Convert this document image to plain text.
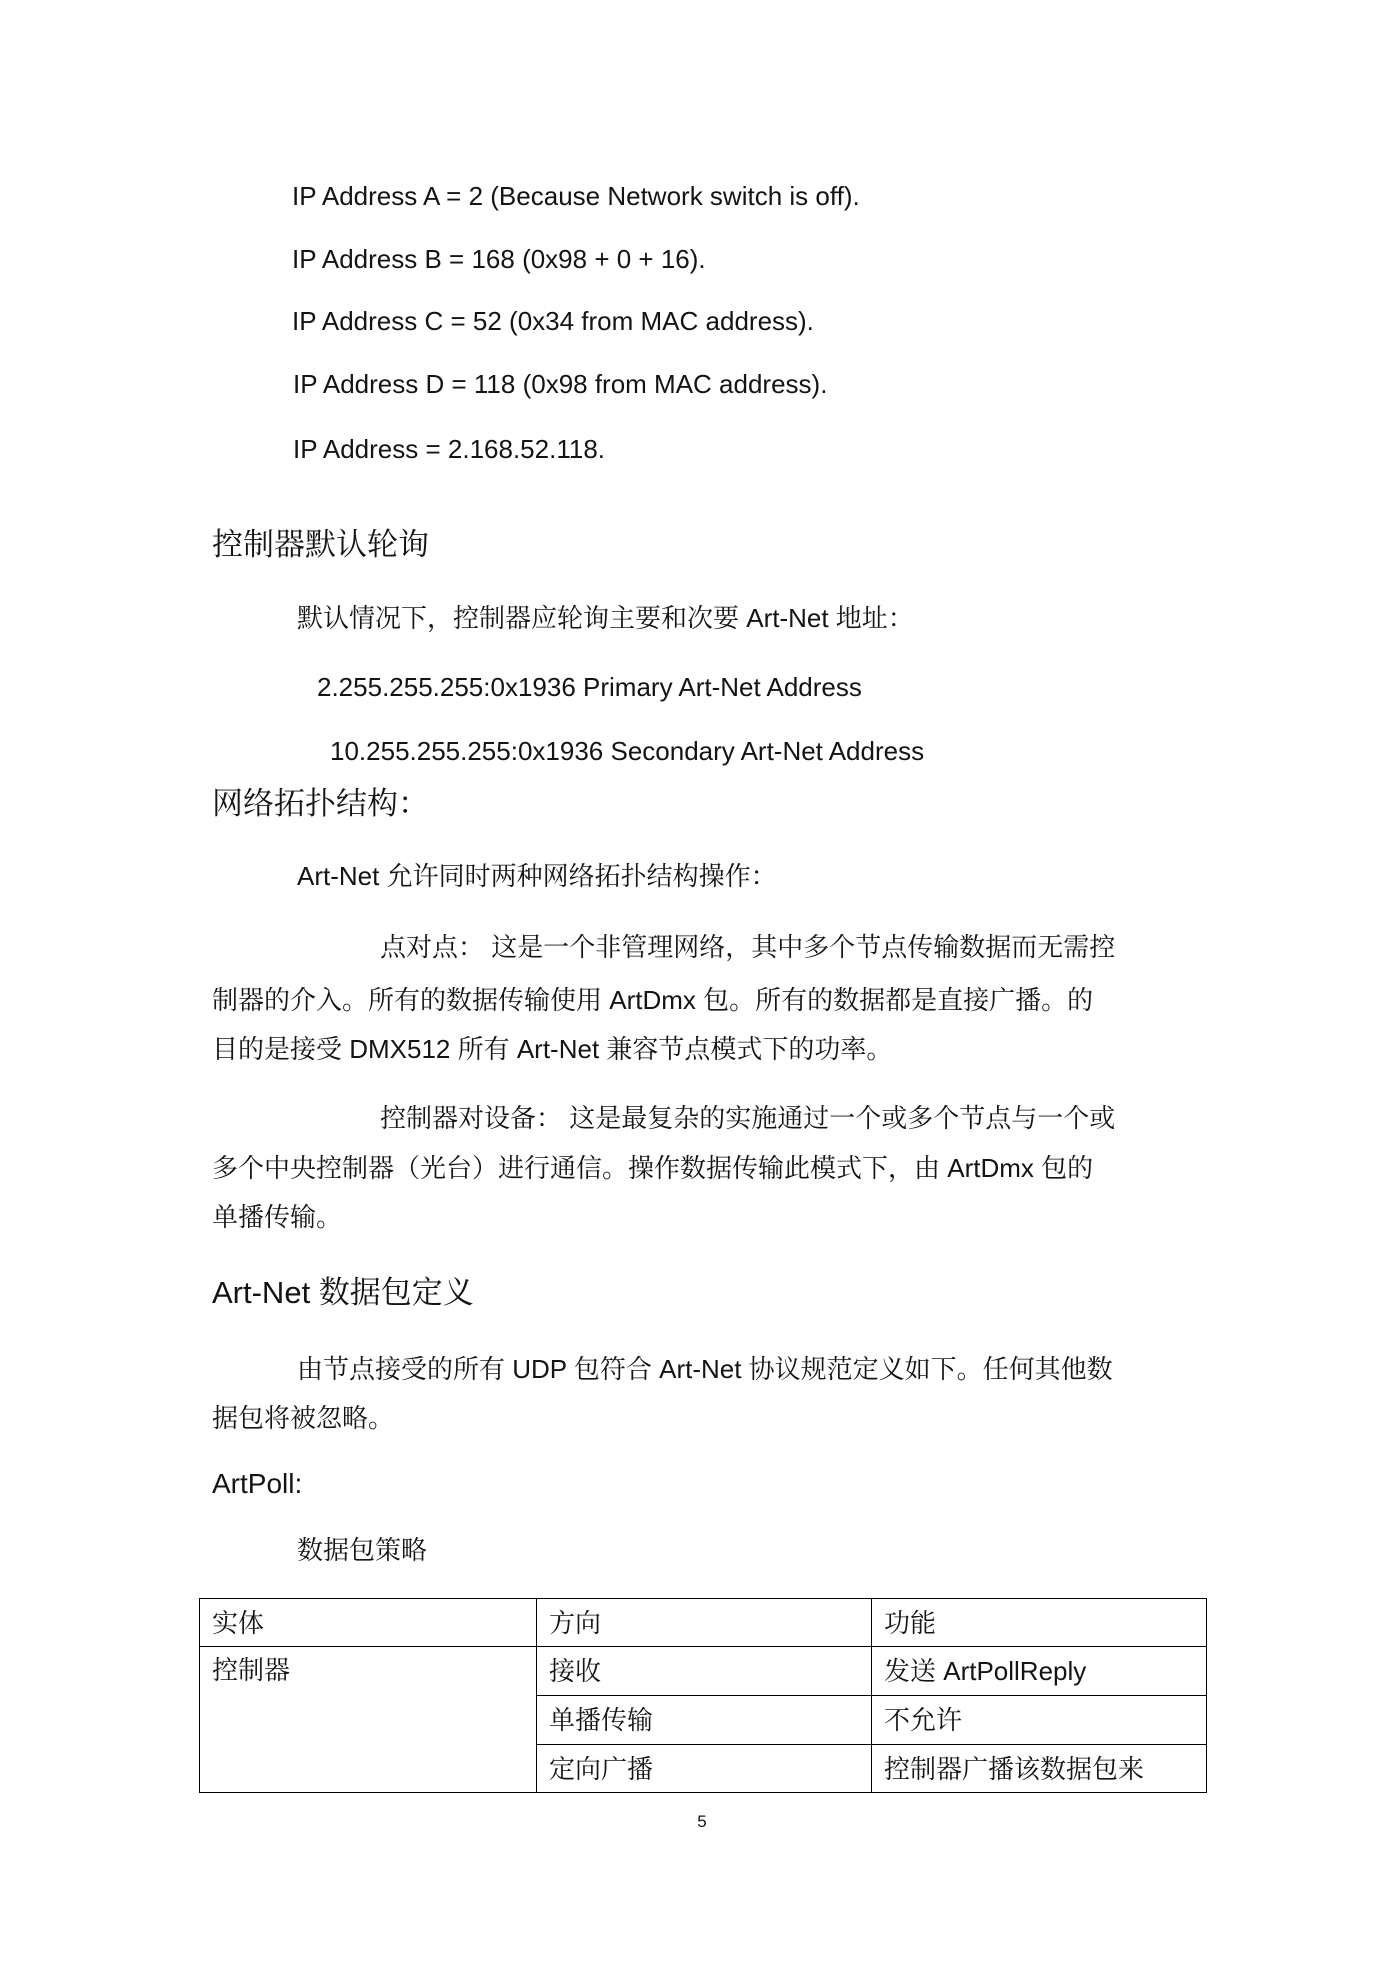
IP Address A = 2 (Because Network switch is off).
IP Address B = 168 (0x98 + 0 + 16).
IP Address C = 52 (0x34 from MAC address).
IP Address D = 118 (0x98 from MAC address).
IP Address = 2.168.52.118.
控制器默认轮询
默认情况下，控制器应轮询主要和次要 Art-Net 地址：
2.255.255.255:0x1936 Primary Art-Net Address
10.255.255.255:0x1936 Secondary Art-Net Address
网络拓扑结构：
Art-Net 允许同时两种网络拓扑结构操作：
点对点： 这是一个非管理网络，其中多个节点传输数据而无需控
制器的介入。所有的数据传输使用 ArtDmx 包。所有的数据都是直接广播。的
目的是接受 DMX512 所有 Art-Net 兼容节点模式下的功率。
控制器对设备： 这是最复杂的实施通过一个或多个节点与一个或
多个中央控制器（光台）进行通信。操作数据传输此模式下，由 ArtDmx 包的
单播传输。
Art-Net 数据包定义
由节点接受的所有 UDP 包符合 Art-Net 协议规范定义如下。任何其他数
据包将被忽略。
ArtPoll:
数据包策略
实体	方向	功能
控制器	接收	发送 ArtPollReply
	单播传输	不允许
	定向广播	控制器广播该数据包来
5
